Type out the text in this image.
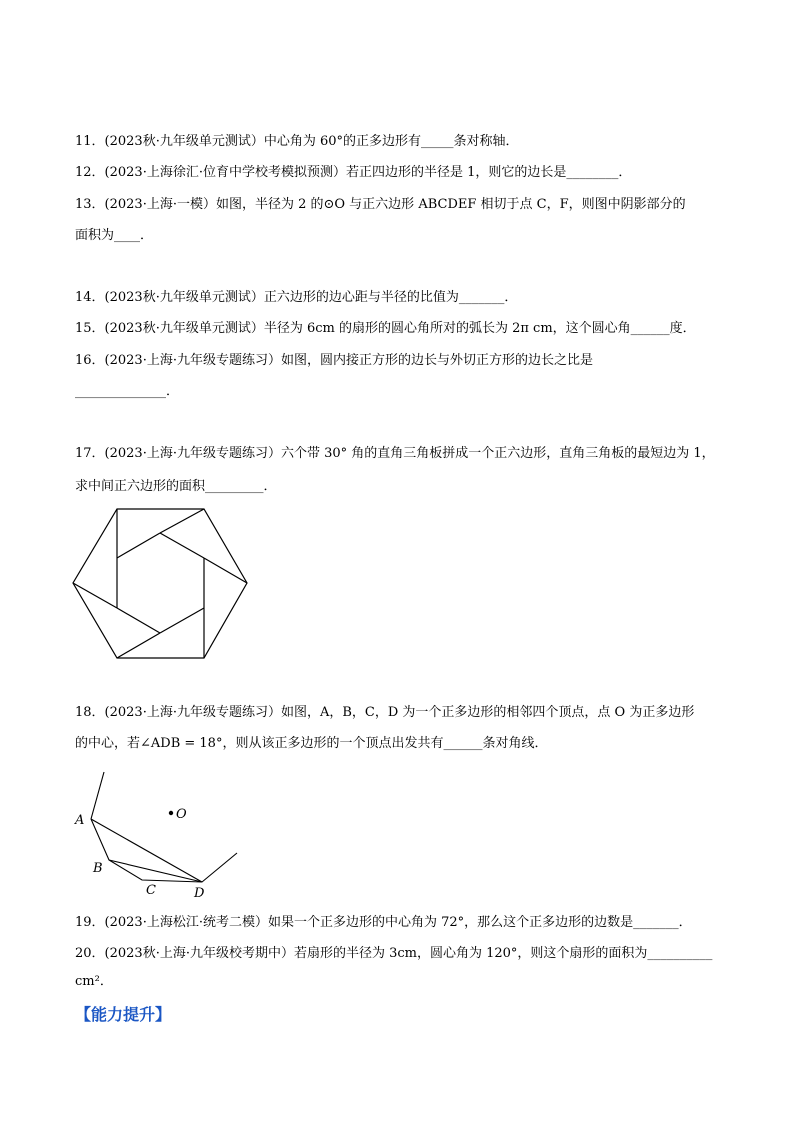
11．(2023秋·九年级单元测试）中心角为 60°的正多边形有_____条对称轴．
12．(2023·上海徐汇·位育中学校考模拟预测）若正四边形的半径是 1，则它的边长是________．
13．(2023·上海·一模）如图，半径为 2 的⊙O 与正六边形 ABCDEF 相切于点 C，F，则图中阴影部分的
面积为____．
14．(2023秋·九年级单元测试）正六边形的边心距与半径的比值为_______．
15．(2023秋·九年级单元测试）半径为 6cm 的扇形的圆心角所对的弧长为 2π cm，这个圆心角______度．
16．(2023·上海·九年级专题练习）如图，圆内接正方形的边长与外切正方形的边长之比是
______________．
17．(2023·上海·九年级专题练习）六个带 30° 角的直角三角板拼成一个正六边形，直角三角板的最短边为 1，
求中间正六边形的面积_________．
18．(2023·上海·九年级专题练习）如图，A，B，C，D 为一个正多边形的相邻四个顶点，点 O 为正多边形
的中心，若∠ADB = 18°，则从该正多边形的一个顶点出发共有______条对角线．
O
A
B
C	D
19．(2023·上海松江·统考二模）如果一个正多边形的中心角为 72°，那么这个正多边形的边数是_______．
20．(2023秋·上海·九年级校考期中）若扇形的半径为 3cm，圆心角为 120°，则这个扇形的面积为__________
cm²．
【能力提升】
